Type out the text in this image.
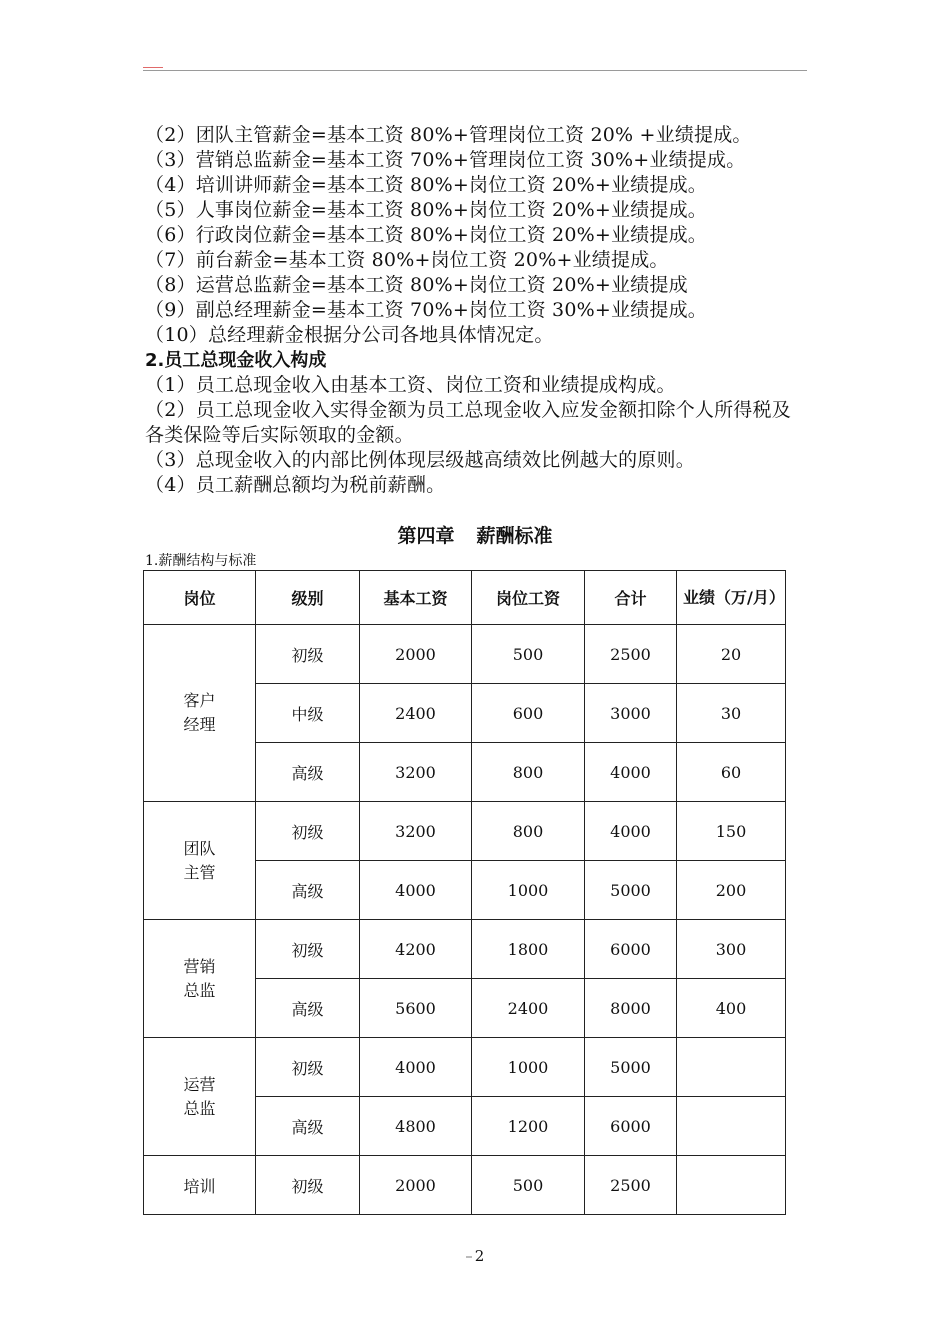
（2）团队主管薪金=基本工资 80%+管理岗位工资 20% +业绩提成。
（3）营销总监薪金=基本工资 70%+管理岗位工资 30%+业绩提成。
（4）培训讲师薪金=基本工资 80%+岗位工资 20%+业绩提成。
（5）人事岗位薪金=基本工资 80%+岗位工资 20%+业绩提成。
（6）行政岗位薪金=基本工资 80%+岗位工资 20%+业绩提成。
（7）前台薪金=基本工资 80%+岗位工资 20%+业绩提成。
（8）运营总监薪金=基本工资 80%+岗位工资 20%+业绩提成
（9）副总经理薪金=基本工资 70%+岗位工资 30%+业绩提成。
（10）总经理薪金根据分公司各地具体情况定。
2.员工总现金收入构成
（1）员工总现金收入由基本工资、岗位工资和业绩提成构成。
（2）员工总现金收入实得金额为员工总现金收入应发金额扣除个人所得税及各类保险等后实际领取的金额。
（3）总现金收入的内部比例体现层级越高绩效比例越大的原则。
（4）员工薪酬总额均为税前薪酬。
第四章 薪酬标准
1.薪酬结构与标准
岗位	级别	基本工资	岗位工资	合计	业绩（万/月）

客户经理	初级	2000	500	2500	20
	中级	2400	600	3000	30
	高级	3200	800	4000	60

团队主管	初级	3200	800	4000	150
	高级	4000	1000	5000	200

营销总监	初级	4200	1800	6000	300
	高级	5600	2400	8000	400

运营总监	初级	4000	1000	5000	
	高级	4800	1200	6000	
培训	初级	2000	500	2500	
2
